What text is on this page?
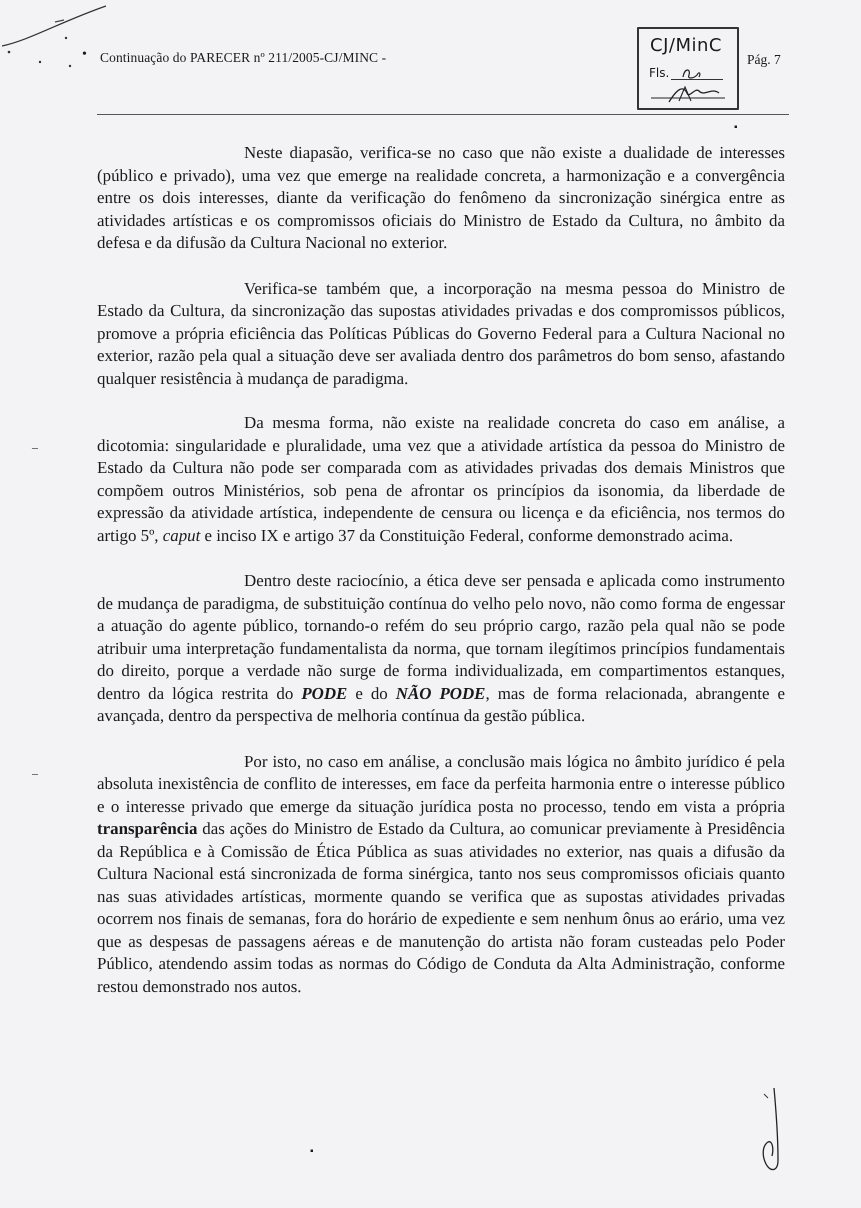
• Continuação do PARECER nº 211/2005-CJ/MINC -
CJ/MinC
Fls.
Pág. 7

Neste diapasão, verifica-se no caso que não existe a dualidade de interesses (público e privado), uma vez que emerge na realidade concreta, a harmonização e a convergência entre os dois interesses, diante da verificação do fenômeno da sincronização sinérgica entre as atividades artísticas e os compromissos oficiais do Ministro de Estado da Cultura, no âmbito da defesa e da difusão da Cultura Nacional no exterior.

Verifica-se também que, a incorporação na mesma pessoa do Ministro de Estado da Cultura, da sincronização das supostas atividades privadas e dos compromissos públicos, promove a própria eficiência das Políticas Públicas do Governo Federal para a Cultura Nacional no exterior, razão pela qual a situação deve ser avaliada dentro dos parâmetros do bom senso, afastando qualquer resistência à mudança de paradigma.

Da mesma forma, não existe na realidade concreta do caso em análise, a dicotomia: singularidade e pluralidade, uma vez que a atividade artística da pessoa do Ministro de Estado da Cultura não pode ser comparada com as atividades privadas dos demais Ministros que compõem outros Ministérios, sob pena de afrontar os princípios da isonomia, da liberdade de expressão da atividade artística, independente de censura ou licença e da eficiência, nos termos do artigo 5º, caput e inciso IX e artigo 37 da Constituição Federal, conforme demonstrado acima.

Dentro deste raciocínio, a ética deve ser pensada e aplicada como instrumento de mudança de paradigma, de substituição contínua do velho pelo novo, não como forma de engessar a atuação do agente público, tornando-o refém do seu próprio cargo, razão pela qual não se pode atribuir uma interpretação fundamentalista da norma, que tornam ilegítimos princípios fundamentais do direito, porque a verdade não surge de forma individualizada, em compartimentos estanques, dentro da lógica restrita do PODE e do NÃO PODE, mas de forma relacionada, abrangente e avançada, dentro da perspectiva de melhoria contínua da gestão pública.

Por isto, no caso em análise, a conclusão mais lógica no âmbito jurídico é pela absoluta inexistência de conflito de interesses, em face da perfeita harmonia entre o interesse público e o interesse privado que emerge da situação jurídica posta no processo, tendo em vista a própria transparência das ações do Ministro de Estado da Cultura, ao comunicar previamente à Presidência da República e à Comissão de Ética Pública as suas atividades no exterior, nas quais a difusão da Cultura Nacional está sincronizada de forma sinérgica, tanto nos seus compromissos oficiais quanto nas suas atividades artísticas, mormente quando se verifica que as supostas atividades privadas ocorrem nos finais de semanas, fora do horário de expediente e sem nenhum ônus ao erário, uma vez que as despesas de passagens aéreas e de manutenção do artista não foram custeadas pelo Poder Público, atendendo assim todas as normas do Código de Conduta da Alta Administração, conforme restou demonstrado nos autos.

▪
–
–
▪
